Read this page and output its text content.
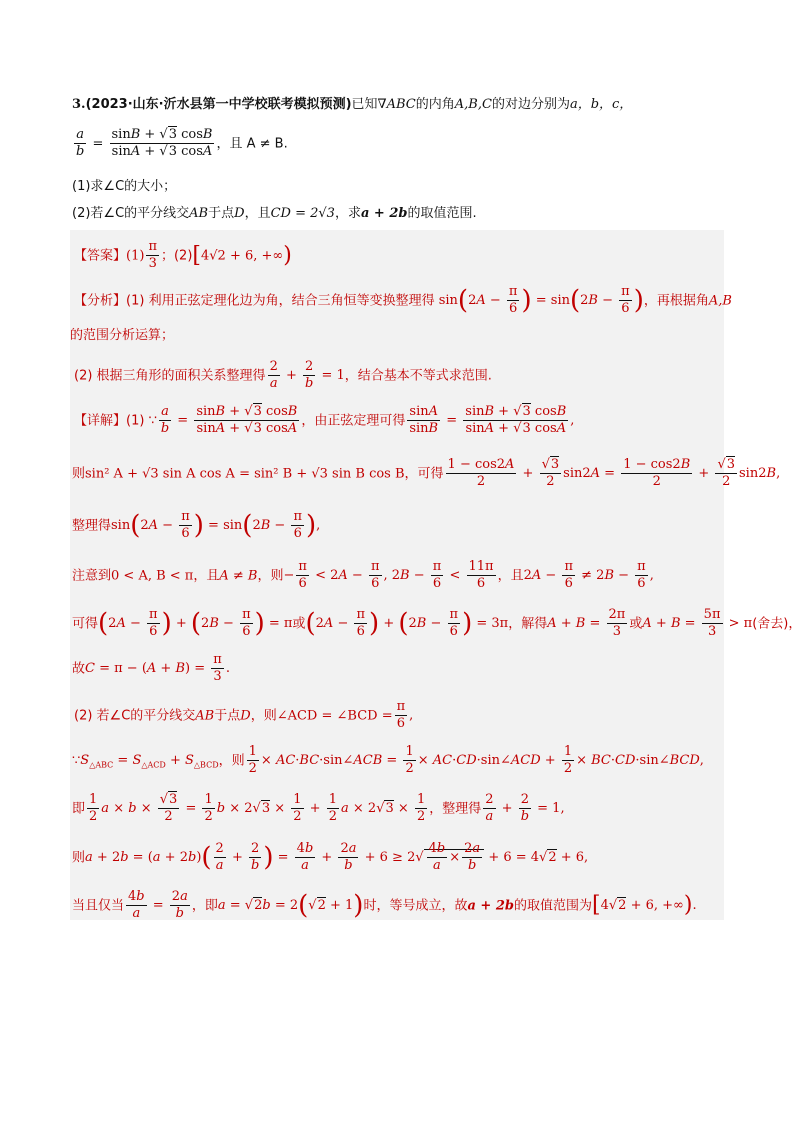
3.(2023·山东·沂水县第一中学校联考模拟预测)已知∇ABC的内角A,B,C的对边分别为a，b，c，
$\frac{a}{b} = \frac{\sin B + √3 \cos B}{\sin A + √3 \cos A}$ ，且 A ≠ B.
(1)求∠C的大小；
(2)若∠C的平分线交AB于点D，且CD = 2√3，求a + 2b的取值范围.
【答案】$(1) \frac{\pi}{3}$ ；(2)[4√2 + 6, +∞)
【分析】(1) 利用正弦定理化边为角，结合三角恒等变换整理得 $\sin(2A - \frac{\pi}{6}$ ) = $\sin(2B - \frac{\pi}{6}$ )，再根据角A,B
的范围分析运算；
(2) 根据三角形的面积关系整理得 $\frac{2}{a} + \frac{2}{b} = 1$，结合基本不等式求范围.
【详解】(1) ∵ $\frac{a}{b} = \frac{\sin B + √3 \cos B}{\sin A + √3 \cos A}$ ，由正弦定理可得 $\frac{\sin A}{\sin B} = \frac{\sin B + √3 \cos B}{\sin A + √3 \cos A}$ ,
则sin² A + √3 sin A cos A = sin² B + √3 sin B cos B，可得 $\frac{1 - \cos 2A}{2} + \frac{√3}{2} \sin 2A = \frac{1 - \cos 2B}{2} + \frac{√3}{2} \sin 2B$,
整理得$\sin(2A - \frac{\pi}{6}$ ) = $\sin(2B - \frac{\pi}{6}$ ),
注意到0 < A, B < π，且A ≠ B，则− $\frac{\pi}{6} < 2A - \frac{\pi}{6}$ , $2B - \frac{\pi}{6} < \frac{11\pi}{6}$ ，且$2A - \frac{\pi}{6} \ne 2B - \frac{\pi}{6}$ ,
可得($2A - \frac{\pi}{6}$ ) + ($2B - \frac{\pi}{6}$ ) = π或($2A - \frac{\pi}{6}$ ) + ($2B - \frac{\pi}{6}$ ) = 3π，解得$A + B = \frac{2\pi}{3}$ 或$A + B = \frac{5\pi}{3} > \pi$(舍去)，
故$C = \pi - (A + B) = \frac{\pi}{3}$ .
(2) 若∠C的平分线交AB于点D，则∠ACD = ∠BCD = $\frac{\pi}{6}$ ,
$\because S_{\triangle ABC} = S_{\triangle ACD} + S_{\triangle BCD}$，则 $\frac{1}{2}$ × AC·BC·sin∠ACB = $\frac{1}{2}$ × AC·CD·sin∠ACD + $\frac{1}{2}$ × BC·CD·sin∠BCD,
即 $\frac{1}{2}$ $a \times b \times \frac{√3}{2} = \frac{1}{2}$ $b \times 2√3 \times \frac{1}{2} + \frac{1}{2}$ $a \times 2√3 \times \frac{1}{2}$ ，整理得 $\frac{2}{a} + \frac{2}{b} = 1$,
则$a + 2b = (a + 2b)( \frac{2}{a} + \frac{2}{b}$ ) = $\frac{4b}{a} + \frac{2a}{b} + 6 \ge 2√ \frac{4b}{a} \times \frac{2a}{b} + 6 = 4√2 + 6$,
当且仅当 $\frac{4b}{a} = \frac{2a}{b}$ ，即a = √2b = 2(√2 + 1)时，等号成立，故a + 2b的取值范围为[4√2 + 6, +∞).
